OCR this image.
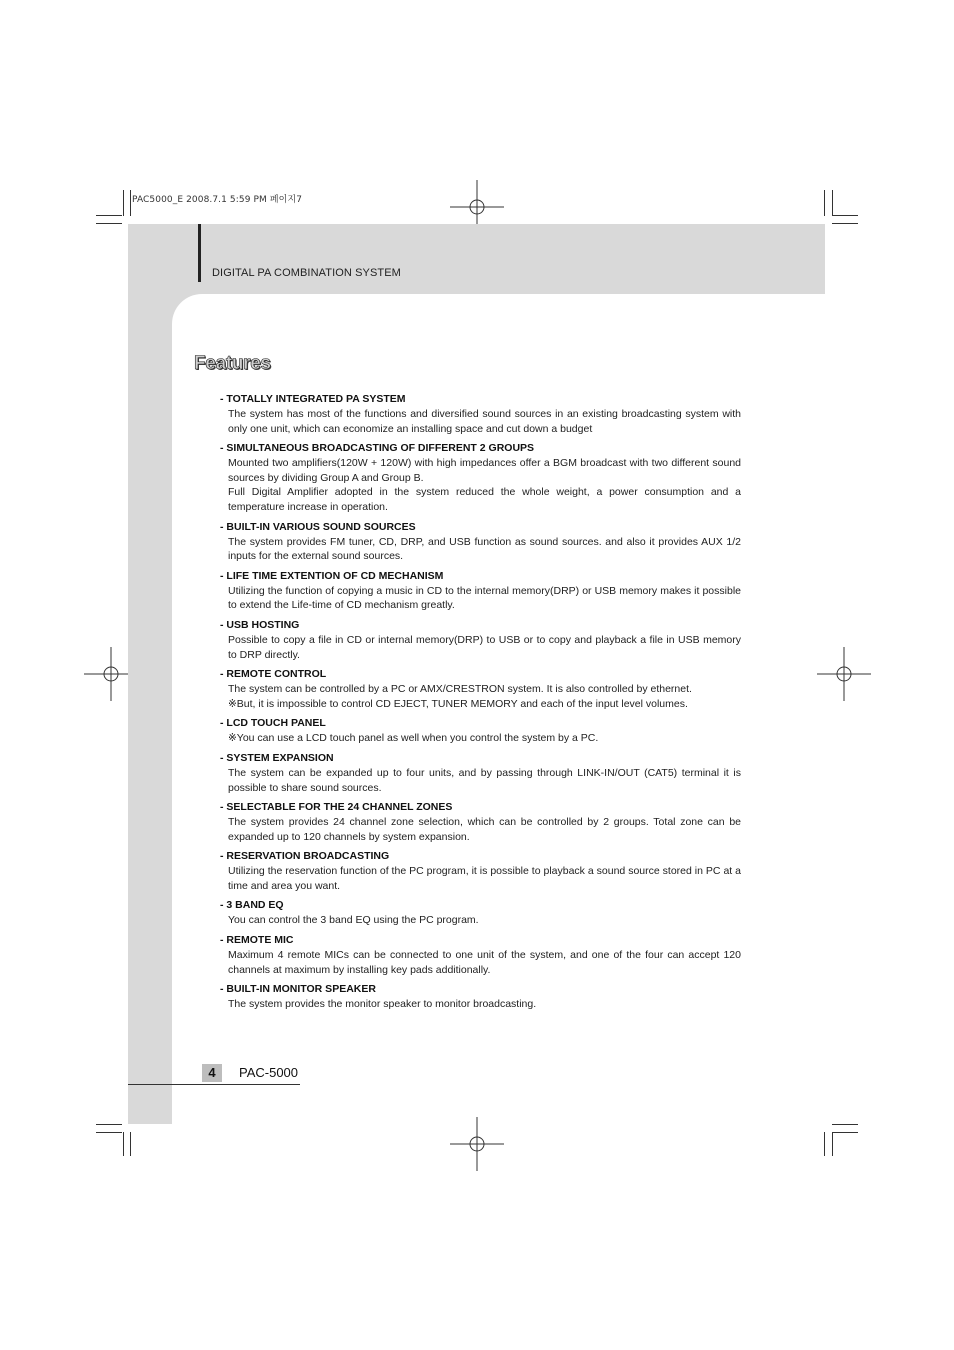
PAC5000_E 2008.7.1 5:59 PM 페이지7
DIGITAL PA COMBINATION SYSTEM
Features
- TOTALLY INTEGRATED PA SYSTEM

The system has most of the functions and diversified sound sources in an existing broadcasting system with only one unit, which can economize an installing space and cut down a budget

- SIMULTANEOUS BROADCASTING OF DIFFERENT 2 GROUPS

Mounted two amplifiers(120W + 120W) with high impedances offer a BGM broadcast with two different sound sources by dividing Group A and Group B.

Full Digital Amplifier adopted in the system reduced the whole weight, a power consumption and a temperature increase in operation.

- BUILT-IN VARIOUS SOUND SOURCES

The system provides FM tuner, CD, DRP, and USB function as sound sources. and also it provides AUX 1/2 inputs for the external sound sources.

- LIFE TIME EXTENTION OF CD MECHANISM

Utilizing the function of copying a music in CD to the internal memory(DRP) or USB memory makes it possible to extend the Life-time of CD mechanism greatly.

- USB HOSTING

Possible to copy a file in CD or internal memory(DRP) to USB or to copy and playback a file in USB memory to DRP directly.

- REMOTE CONTROL

The system can be controlled by a PC or AMX/CRESTRON system. It is also controlled by ethernet.

※But, it is impossible to control CD EJECT, TUNER MEMORY and each of the input level volumes.

- LCD TOUCH PANEL

※You can use a LCD touch panel as well when you control the system by a PC.

- SYSTEM EXPANSION

The system can be expanded up to four units, and by passing through LINK-IN/OUT (CAT5) terminal it is possible to share sound sources.

- SELECTABLE FOR THE 24 CHANNEL ZONES

The system provides 24 channel zone selection, which can be controlled by 2 groups. Total zone can be expanded up to 120 channels by system expansion.

- RESERVATION BROADCASTING

Utilizing the reservation function of the PC program, it is possible to playback a sound source stored in PC at a time and area you want.

- 3 BAND EQ

You can control the 3 band EQ using the PC program.

- REMOTE MIC

Maximum 4 remote MICs can be connected to one unit of the system, and one of the four can accept 120 channels at maximum by installing key pads additionally.

- BUILT-IN MONITOR SPEAKER

The system provides the monitor speaker to monitor broadcasting.

4	PAC-5000
